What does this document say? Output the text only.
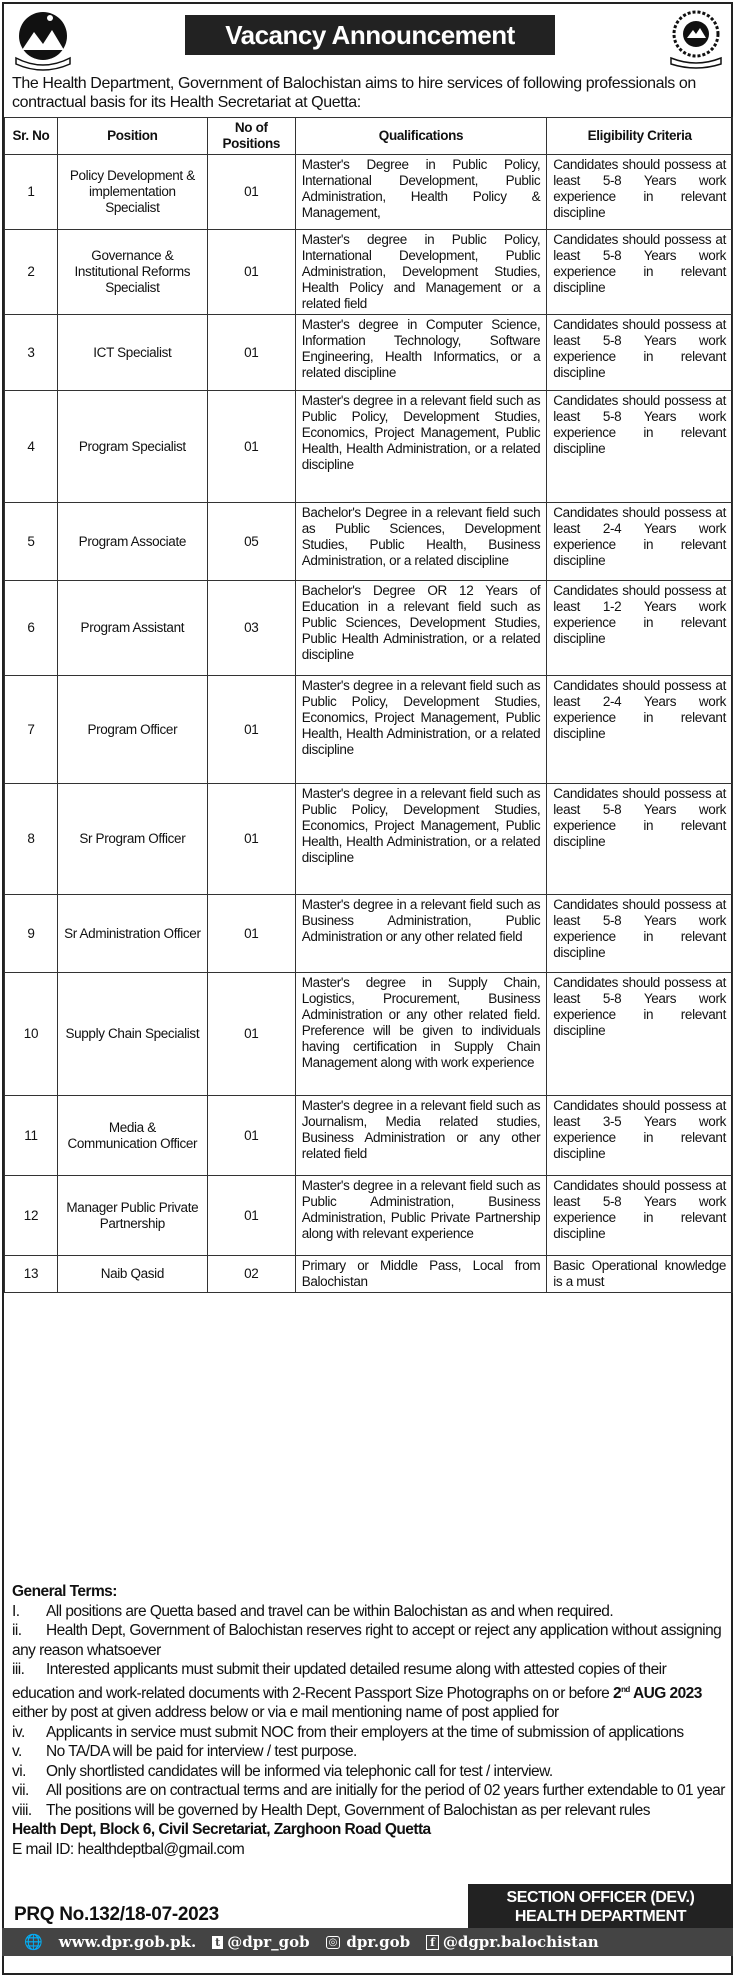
Vacancy Announcement
The Health Department, Government of Balochistan aims to hire services of following professionals on contractual basis for its Health Secretariat at Quetta:
Sr. No	Position	No of Positions	Qualifications	Eligibility Criteria
1	Policy Development & implementation Specialist	01	Master's Degree in Public Policy, International Development, Public Administration, Health Policy & Management,	Candidates should possess at least 5-8 Years work experience in relevant discipline
2	Governance & Institutional Reforms Specialist	01	Master's degree in Public Policy, International Development, Public Administration, Development Studies, Health Policy and Management or a related field	Candidates should possess at least 5-8 Years work experience in relevant discipline
3	ICT Specialist	01	Master's degree in Computer Science, Information Technology, Software Engineering, Health Informatics, or a related discipline	Candidates should possess at least 5-8 Years work experience in relevant discipline
4	Program Specialist	01	Master's degree in a relevant field such as Public Policy, Development Studies, Economics, Project Management, Public Health, Health Administration, or a related discipline	Candidates should possess at least 5-8 Years work experience in relevant discipline
5	Program Associate	05	Bachelor's Degree in a relevant field such as Public Sciences, Development Studies, Public Health, Business Administration, or a related discipline	Candidates should possess at least 2-4 Years work experience in relevant discipline
6	Program Assistant	03	Bachelor's Degree OR 12 Years of Education in a relevant field such as Public Sciences, Development Studies, Public Health Administration, or a related discipline	Candidates should possess at least 1-2 Years work experience in relevant discipline
7	Program Officer	01	Master's degree in a relevant field such as Public Policy, Development Studies, Economics, Project Management, Public Health, Health Administration, or a related discipline	Candidates should possess at least 2-4 Years work experience in relevant discipline
8	Sr Program Officer	01	Master's degree in a relevant field such as Public Policy, Development Studies, Economics, Project Management, Public Health, Health Administration, or a related discipline	Candidates should possess at least 5-8 Years work experience in relevant discipline
9	Sr Administration Officer	01	Master's degree in a relevant field such as Business Administration, Public Administration or any other related field	Candidates should possess at least 5-8 Years work experience in relevant discipline
10	Supply Chain Specialist	01	Master's degree in Supply Chain, Logistics, Procurement, Business Administration or any other related field. Preference will be given to individuals having certification in Supply Chain Management along with work experience	Candidates should possess at least 5-8 Years work experience in relevant discipline
11	Media & Communication Officer	01	Master's degree in a relevant field such as Journalism, Media related studies, Business Administration or any other related field	Candidates should possess at least 3-5 Years work experience in relevant discipline
12	Manager Public Private Partnership	01	Master's degree in a relevant field such as Public Administration, Business Administration, Public Private Partnership along with relevant experience	Candidates should possess at least 5-8 Years work experience in relevant discipline
13	Naib Qasid	02	Primary or Middle Pass, Local from Balochistan	Basic Operational knowledge is a must

General Terms:

I. All positions are Quetta based and travel can be within Balochistan as and when required.

ii. Health Dept, Government of Balochistan reserves right to accept or reject any application without assigning any reason whatsoever

iii. Interested applicants must submit their updated detailed resume along with attested copies of their education and work-related documents with 2-Recent Passport Size Photographs on or before 2nd AUG 2023 either by post at given address below or via e mail mentioning name of post applied for

iv. Applicants in service must submit NOC from their employers at the time of submission of applications

v. No TA/DA will be paid for interview / test purpose.

vi. Only shortlisted candidates will be informed via telephonic call for test / interview.

vii. All positions are on contractual terms and are initially for the period of 02 years further extendable to 01 year

viii. The positions will be governed by Health Dept, Government of Balochistan as per relevant rules

Health Dept, Block 6, Civil Secretariat, Zarghoon Road Quetta

E mail ID: healthdeptbal@gmail.com

SECTION OFFICER (DEV.)
HEALTH DEPARTMENT
PRQ No.132/18-07-2023
🌐 www.dpr.gob.pk. t @dpr_gob	◎ dpr.gob	f @dgpr.balochistan
